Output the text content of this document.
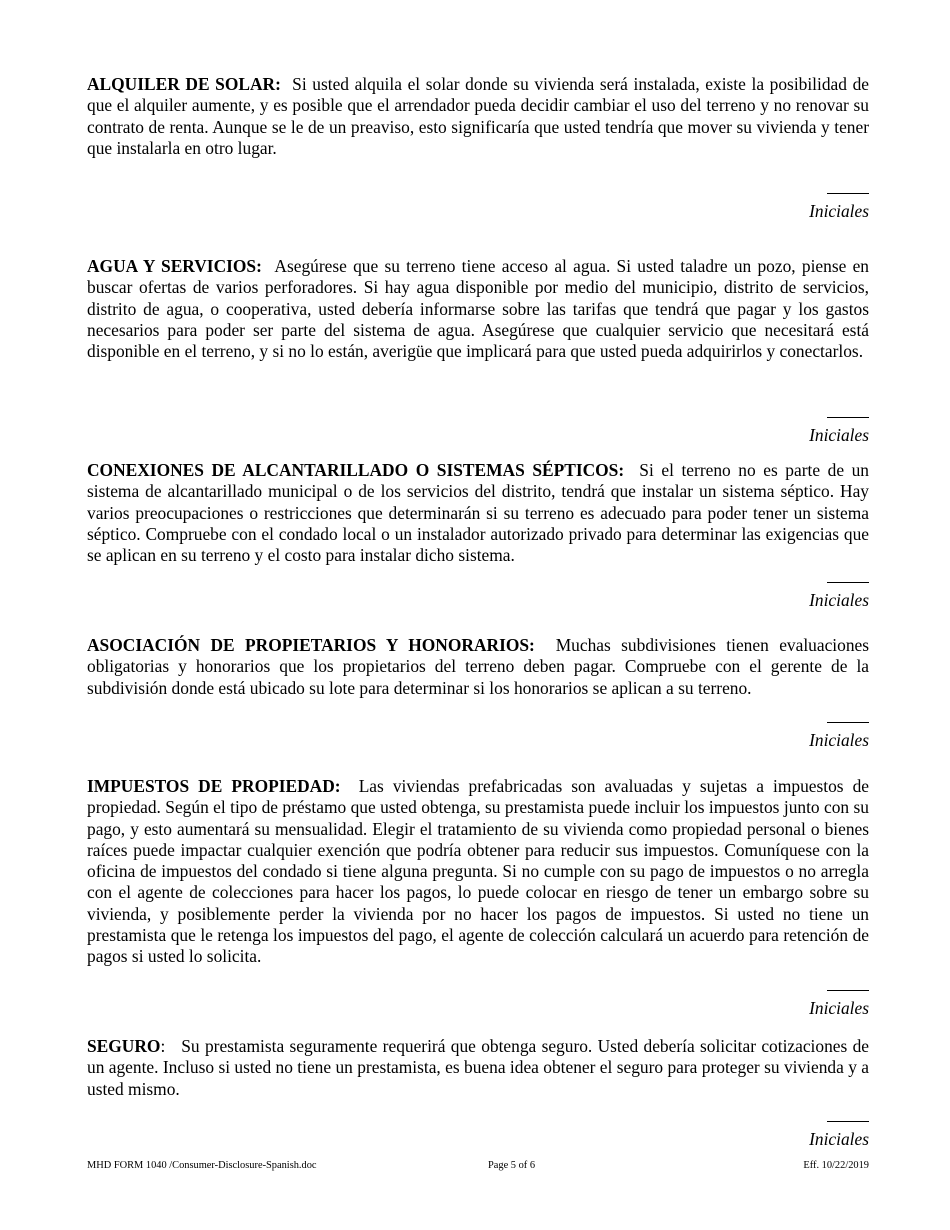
ALQUILER DE SOLAR: Si usted alquila el solar donde su vivienda será instalada, existe la posibilidad de que el alquiler aumente, y es posible que el arrendador pueda decidir cambiar el uso del terreno y no renovar su contrato de renta. Aunque se le de un preaviso, esto significaría que usted tendría que mover su vivienda y tener que instalarla en otro lugar.

Iniciales

AGUA Y SERVICIOS: Asegúrese que su terreno tiene acceso al agua. Si usted taladre un pozo, piense en buscar ofertas de varios perforadores. Si hay agua disponible por medio del municipio, distrito de servicios, distrito de agua, o cooperativa, usted debería informarse sobre las tarifas que tendrá que pagar y los gastos necesarios para poder ser parte del sistema de agua. Asegúrese que cualquier servicio que necesitará está disponible en el terreno, y si no lo están, averigüe que implicará para que usted pueda adquirirlos y conectarlos.

Iniciales

CONEXIONES DE ALCANTARILLADO O SISTEMAS SÉPTICOS: Si el terreno no es parte de un sistema de alcantarillado municipal o de los servicios del distrito, tendrá que instalar un sistema séptico. Hay varios preocupaciones o restricciones que determinarán si su terreno es adecuado para poder tener un sistema séptico. Compruebe con el condado local o un instalador autorizado privado para determinar las exigencias que se aplican en su terreno y el costo para instalar dicho sistema.

Iniciales

ASOCIACIÓN DE PROPIETARIOS Y HONORARIOS: Muchas subdivisiones tienen evaluaciones obligatorias y honorarios que los propietarios del terreno deben pagar. Compruebe con el gerente de la subdivisión donde está ubicado su lote para determinar si los honorarios se aplican a su terreno.

Iniciales

IMPUESTOS DE PROPIEDAD: Las viviendas prefabricadas son avaluadas y sujetas a impuestos de propiedad. Según el tipo de préstamo que usted obtenga, su prestamista puede incluir los impuestos junto con su pago, y esto aumentará su mensualidad. Elegir el tratamiento de su vivienda como propiedad personal o bienes raíces puede impactar cualquier exención que podría obtener para reducir sus impuestos. Comuníquese con la oficina de impuestos del condado si tiene alguna pregunta. Si no cumple con su pago de impuestos o no arregla con el agente de colecciones para hacer los pagos, lo puede colocar en riesgo de tener un embargo sobre su vivienda, y posiblemente perder la vivienda por no hacer los pagos de impuestos. Si usted no tiene un prestamista que le retenga los impuestos del pago, el agente de colección calculará un acuerdo para retención de pagos si usted lo solicita.

Iniciales

SEGURO:   Su prestamista seguramente requerirá que obtenga seguro. Usted debería solicitar cotizaciones de un agente. Incluso si usted no tiene un prestamista, es buena idea obtener el seguro para proteger su vivienda y a usted mismo.

Iniciales
MHD FORM 1040 /Consumer-Disclosure-Spanish.doc	Page 5 of 6	Eff. 10/22/2019
